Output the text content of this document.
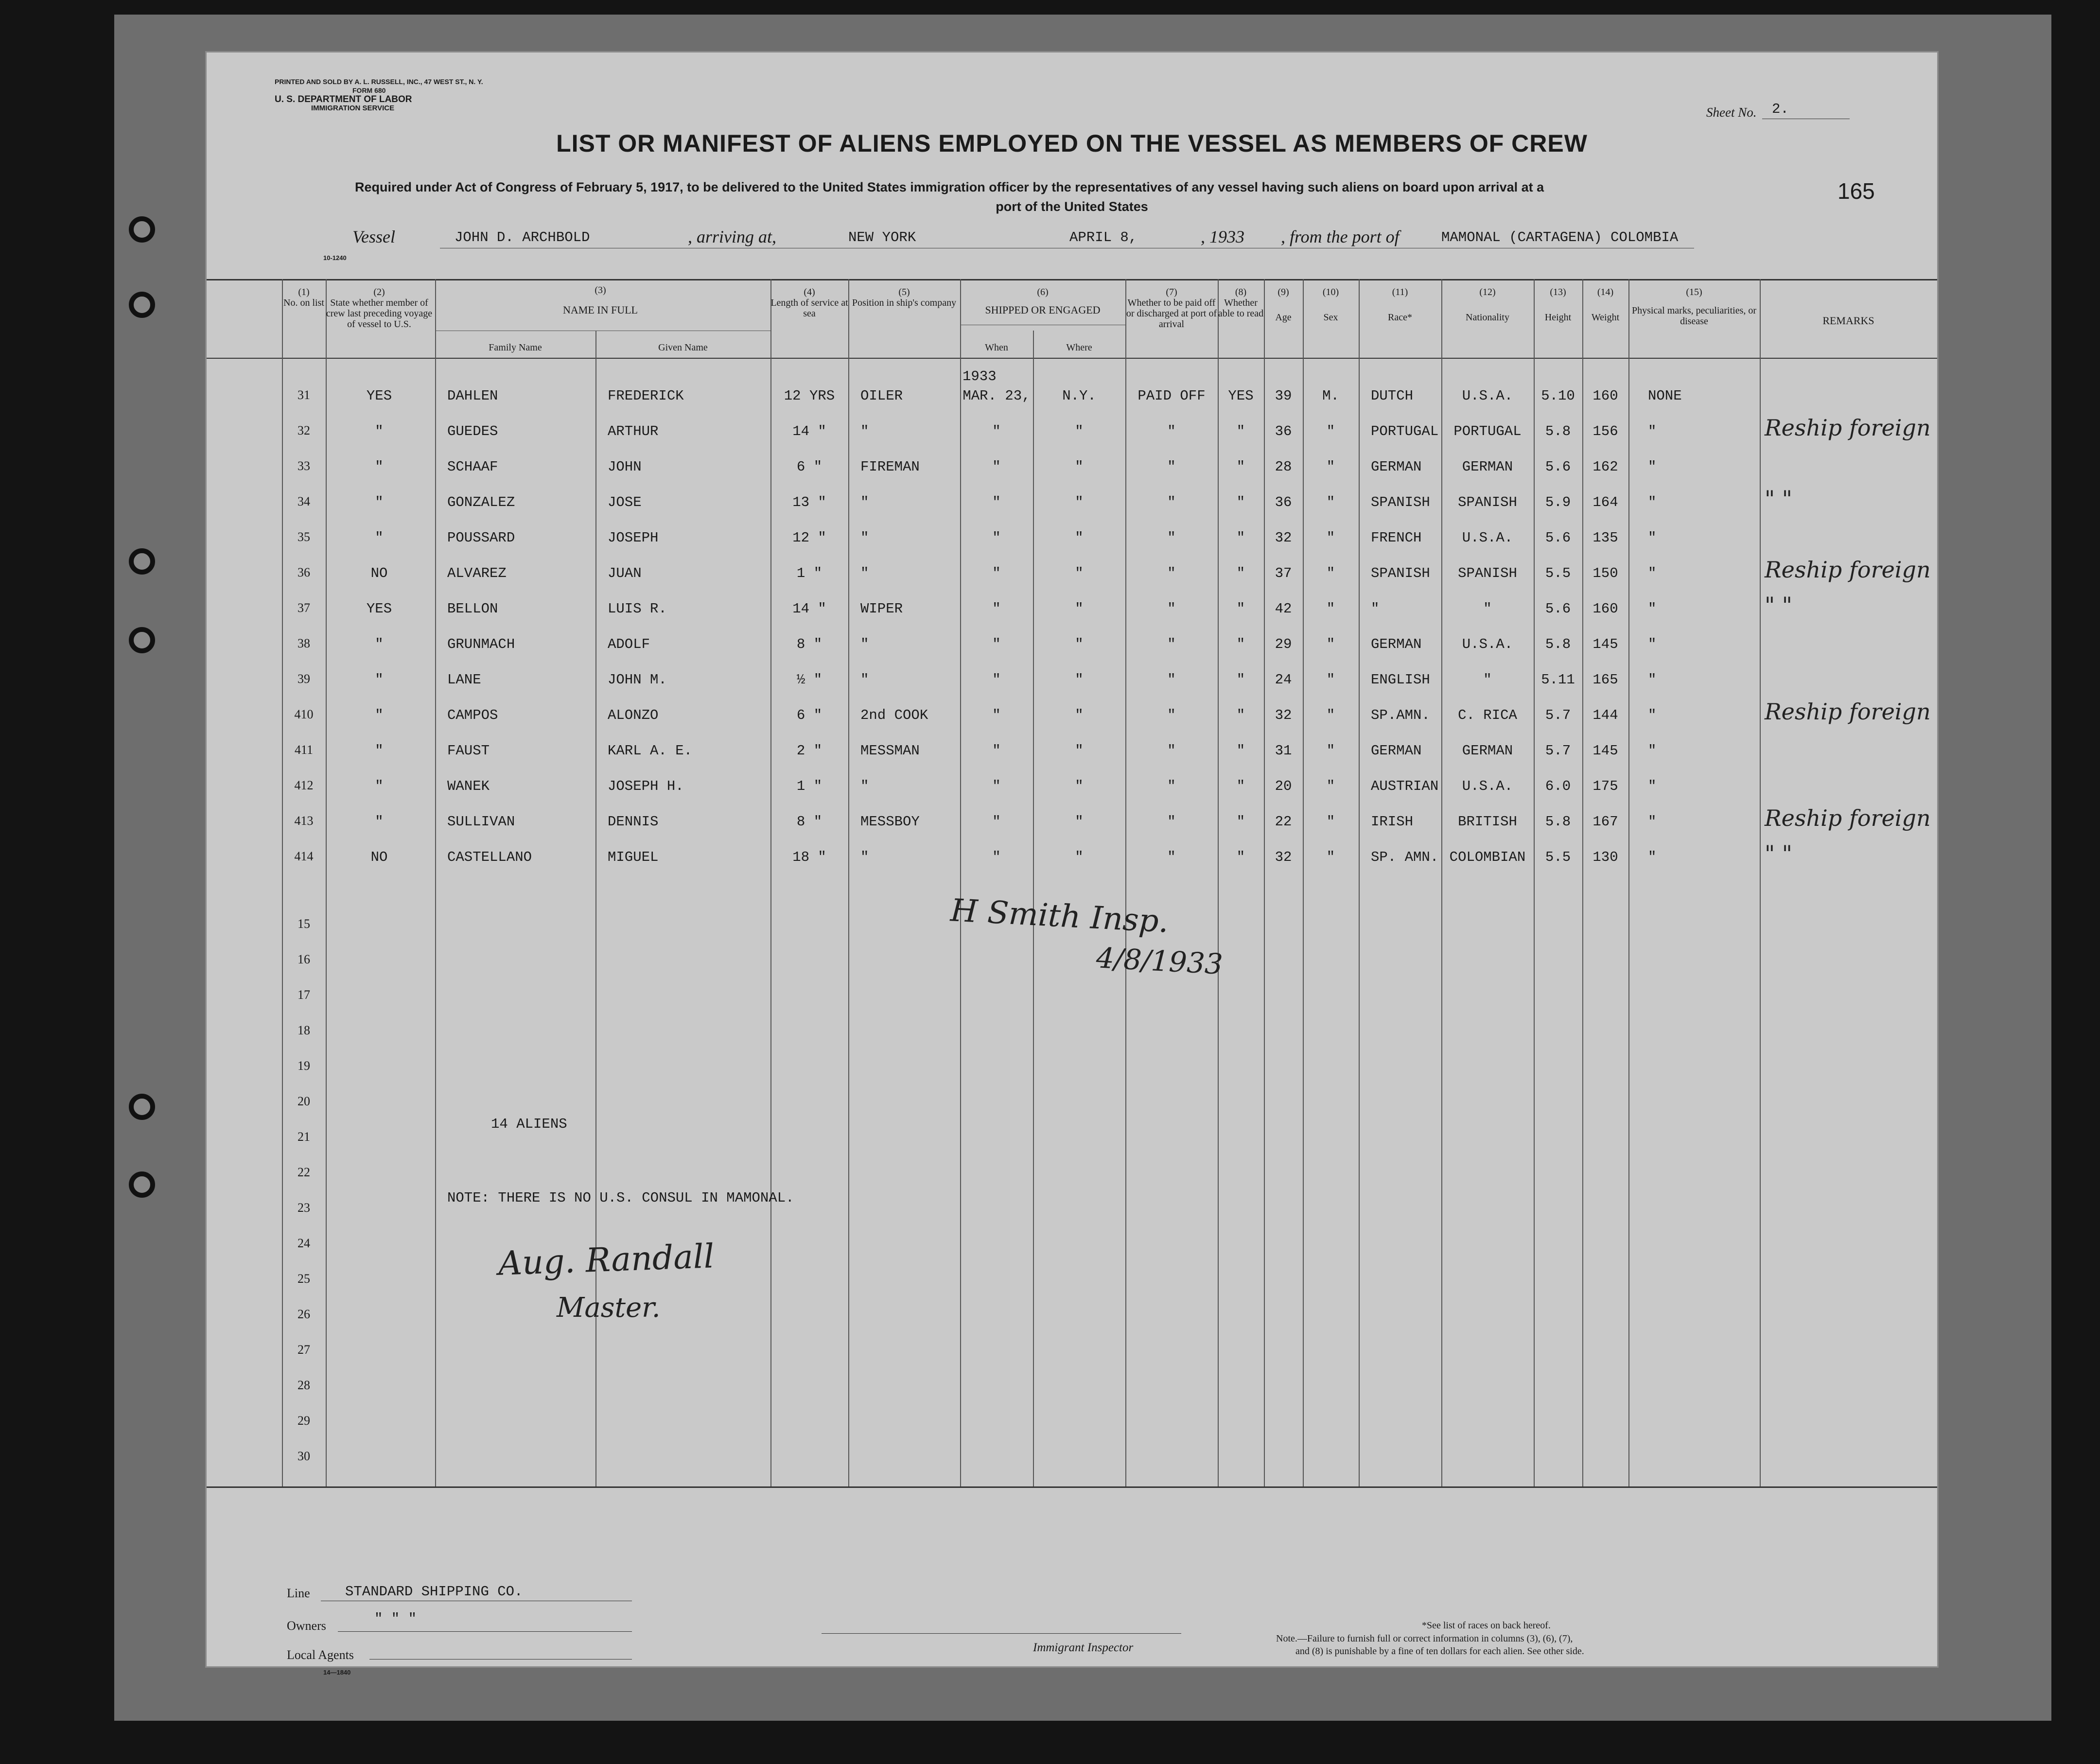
PRINTED AND SOLD BY A. L. RUSSELL, INC., 47 WEST ST., N. Y.
FORM 680
U. S. DEPARTMENT OF LABOR
IMMIGRATION SERVICE	Sheet No. 2.
165
LIST OR MANIFEST OF ALIENS EMPLOYED ON THE VESSEL AS MEMBERS OF CREW
Required under Act of Congress of February 5, 1917, to be delivered to the United States immigration officer by the representatives of any vessel having such aliens on board upon arrival at a
port of the United States
Vessel	JOHN D. ARCHBOLD	, arriving at,	NEW YORK	APRIL 8,	, 1933 , from the port of	MAMONAL (CARTAGENA) COLOMBIA
10-1240
(1)
No. on list
(2)
State whether member of crew last preceding voyage of vessel to U.S.
(3)
NAME IN FULL
Family Name	Given Name
(4)
Length of service at sea
(5)
Position in ship's company
(6)
SHIPPED OR ENGAGED
When	Where
(7)
Whether to be paid off or discharged at port of arrival
(8)
Whether able to read
(9)
Age
(10)
Sex
(11)
Race*
(12)
Nationality
(13)
Height
(14)
Weight
(15)
Physical marks, peculiarities, or disease	REMARKS
1933
31	YES	DAHLEN	FREDERICK	12 YRS	OILER	MAR. 23,	N.Y.	PAID OFF	YES	39	M.	DUTCH	U.S.A.	5.10	160	NONE
32	"	GUEDES	ARTHUR	14 "	"	"	"	"	"	36	"	PORTUGAL	PORTUGAL	5.8	156	"	Reship foreign
33	"	SCHAAF	JOHN	6 "	FIREMAN	"	"	"	"	28	"	GERMAN	GERMAN	5.6	162	"
34	"	GONZALEZ	JOSE	13 "	"	"	"	"	"	36	"	SPANISH	SPANISH	5.9	164	"	" "
35	"	POUSSARD	JOSEPH	12 "	"	"	"	"	"	32	"	FRENCH	U.S.A.	5.6	135	"
36	NO	ALVAREZ	JUAN	1 "	"	"	"	"	"	37	"	SPANISH	SPANISH	5.5	150	"	Reship foreign
37	YES	BELLON	LUIS R.	14 "	WIPER	"	"	"	"	42	"	"	"	5.6	160	"	" "
38	"	GRUNMACH	ADOLF	8 "	"	"	"	"	"	29	"	GERMAN	U.S.A.	5.8	145	"
39	"	LANE	JOHN M.	½ "	"	"	"	"	"	24	"	ENGLISH	"	5.11	165	"
410	"	CAMPOS	ALONZO	6 "	2nd COOK	"	"	"	"	32	"	SP.AMN.	C. RICA	5.7	144	"	Reship foreign
411	"	FAUST	KARL A. E.	2 "	MESSMAN	"	"	"	"	31	"	GERMAN	GERMAN	5.7	145	"
412	"	WANEK	JOSEPH H.	1 "	"	"	"	"	"	20	"	AUSTRIAN	U.S.A.	6.0	175	"
413	"	SULLIVAN	DENNIS	8 "	MESSBOY	"	"	"	"	22	"	IRISH	BRITISH	5.8	167	"	Reship foreign
414	NO	CASTELLANO	MIGUEL	18 "	"	"	"	"	"	32	"	SP. AMN. COLOMBIAN	5.5	130	"	" "
15
16
17
18
19
20
21
22
23
24
25
26
27
28
29
30
H Smith Insp.
4/8/1933
14 ALIENS
NOTE: THERE IS NO U.S. CONSUL IN MAMONAL.
Aug. Randall
Master.
Line STANDARD SHIPPING CO.
Owners	" " "
Local Agents
14—1840
Immigrant Inspector
*See list of races on back hereof.
Note.—Failure to furnish full or correct information in columns (3), (6), (7),
and (8) is punishable by a fine of ten dollars for each alien. See other side.
